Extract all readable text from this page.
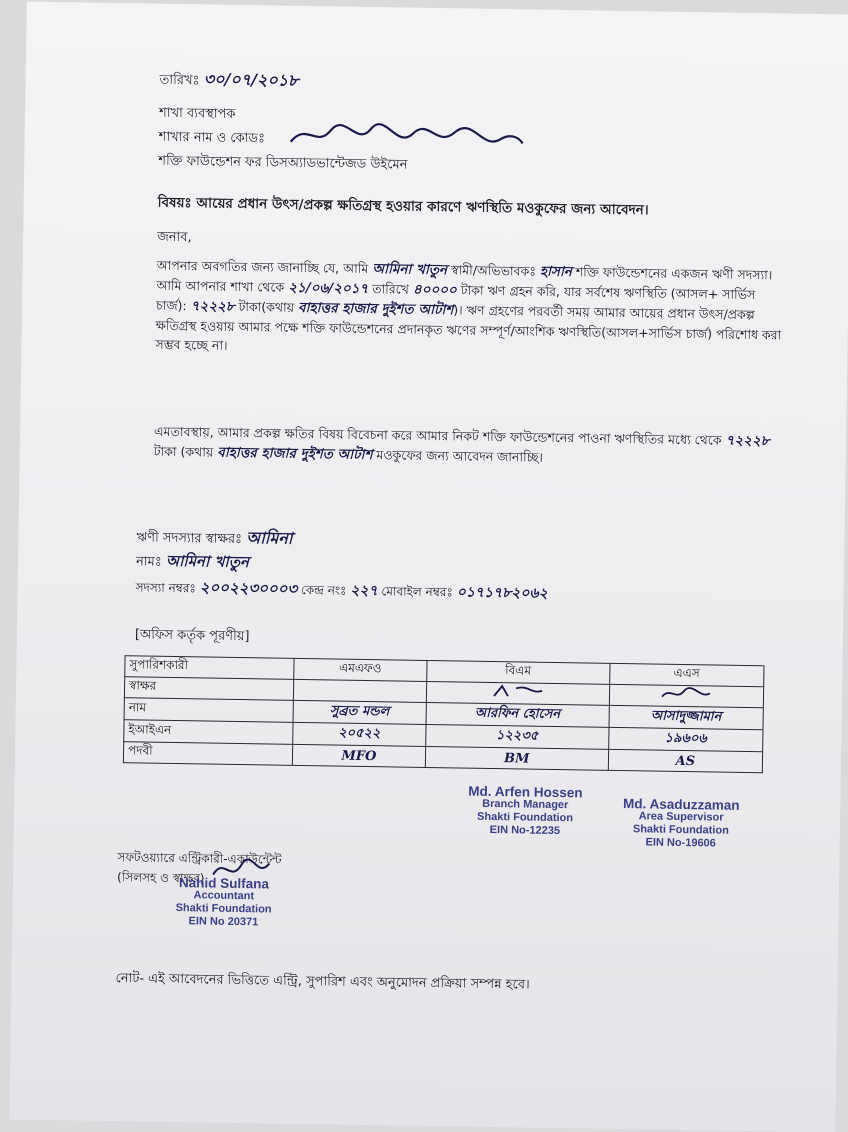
তারিখঃ ৩০/০৭/২০১৮
শাখা ব্যবস্থাপক
শাখার নাম ও কোডঃ
শক্তি ফাউন্ডেশন ফর ডিসঅ্যাডভান্টেজড উইমেন
বিষয়ঃ আয়ের প্রধান উৎস/প্রকল্প ক্ষতিগ্রস্থ হওয়ার কারণে ঋণস্থিতি মওকুফের জন্য আবেদন।
জনাব,
আপনার অবগতির জন্য জানাচ্ছি যে, আমি আমিনা খাতুন স্বামী/অভিভাবকঃ হাসান শক্তি ফাউন্ডেশনের একজন ঋণী সদস্যা। আমি আপনার শাখা থেকে ২১/০৬/২০১৭ তারিখে ৪০০০০ টাকা ঋণ গ্রহন করি, যার সর্বশেষ ঋণস্থিতি (আসল+ সার্ভিস চার্জ): ৭২২২৮ টাকা(কথায় বাহাত্তর হাজার দুইশত আটাশ)। ঋণ গ্রহণের পরবর্তী সময় আমার আয়ের প্রধান উৎস/প্রকল্প ক্ষতিগ্রস্থ হওয়ায় আমার পক্ষে শক্তি ফাউন্ডেশনের প্রদানকৃত ঋণের সম্পূর্ণ/আংশিক ঋণস্থিতি(আসল+সার্ভিস চার্জ) পরিশোধ করা সম্ভব হচ্ছে না।
এমতাবস্থায়, আমার প্রকল্প ক্ষতির বিষয় বিবেচনা করে আমার নিকট শক্তি ফাউন্ডেশনের পাওনা ঋণস্থিতির মধ্যে থেকে ৭২২২৮ টাকা (কথায় বাহাত্তর হাজার দুইশত আটাশ মওকুফের জন্য আবেদন জানাচ্ছি।
ঋণী সদস্যার স্বাক্ষরঃ আমিনা
নামঃ আমিনা খাতুন
সদস্যা নম্বরঃ ২০০২২৩০০০৩ কেন্দ্র নংঃ ২২৭ মোবাইল নম্বরঃ ০১৭১৭৮২০৬২
[অফিস কর্তৃক পূরণীয়]
সুপারিশকারী	এমএফও	বিএম	এএস
স্বাক্ষর			
নাম	সুব্রত মন্ডল	আরফিন হোসেন	আসাদুজ্জামান
ইআইএন	২০৫২২	১২২৩৫	১৯৬০৬
পদবী	MFO	BM	AS
Md. Arfen Hossen
Branch Manager
Shakti Foundation
EIN No-12235
Md. Asaduzzaman
Area Supervisor
Shakti Foundation
EIN No-19606
সফটওয়্যারে এন্ট্রিকারী-একাউন্টেন্ট
(সিলসহ ও স্বাক্ষর)
Nahid Sulfana
Accountant
Shakti Foundation
EIN No 20371
নোট- এই আবেদনের ভিত্তিতে এন্ট্রি, সুপারিশ এবং অনুমোদন প্রক্রিয়া সম্পন্ন হবে।
